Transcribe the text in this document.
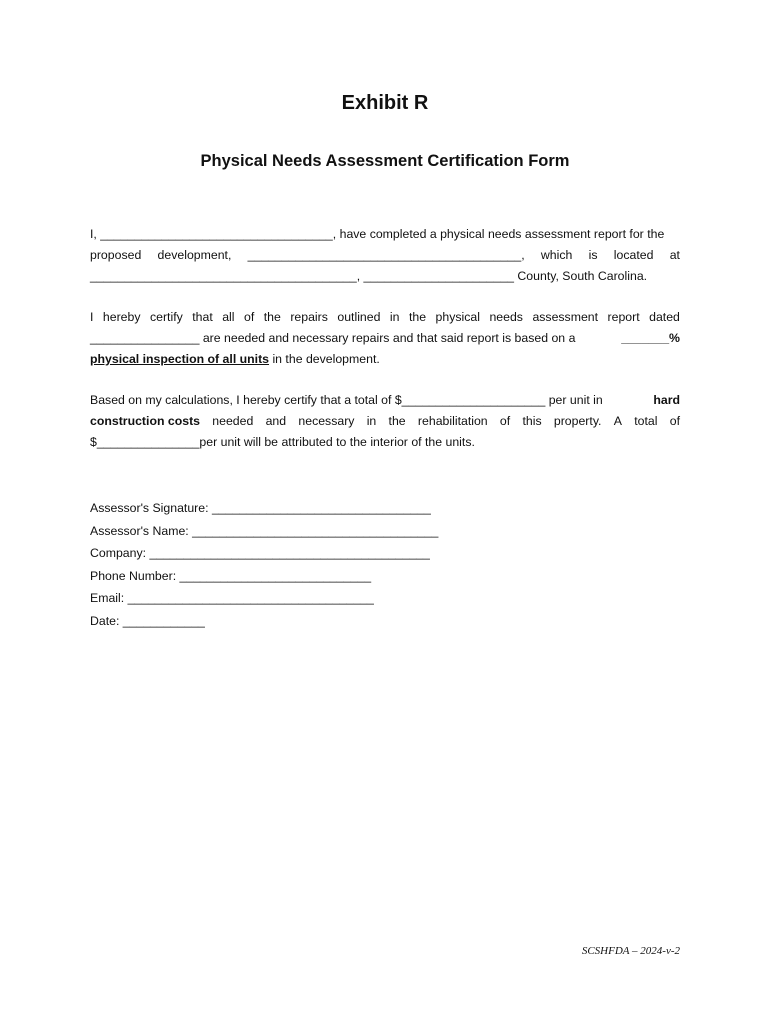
Exhibit R
Physical Needs Assessment Certification Form
I, __________________________________, have completed a physical needs assessment report for the
proposed development, ________________________________________, which is located at
_______________________________________, ______________________ County, South Carolina.
I hereby certify that all of the repairs outlined in the physical needs assessment report dated
________________ are needed and necessary repairs and that said report is based on a	_______%
physical inspection of all units in the development.
Based on my calculations, I hereby certify that a total of $_____________________ per unit in	hard
construction costs needed and necessary in the rehabilitation of this property. A total of
$_______________per unit will be attributed to the interior of the units.
Assessor's Signature: ________________________________
Assessor's Name: ____________________________________
Company: _________________________________________
Phone Number: ____________________________
Email: ____________________________________
Date: ____________
SCSHFDA – 2024-v-2
